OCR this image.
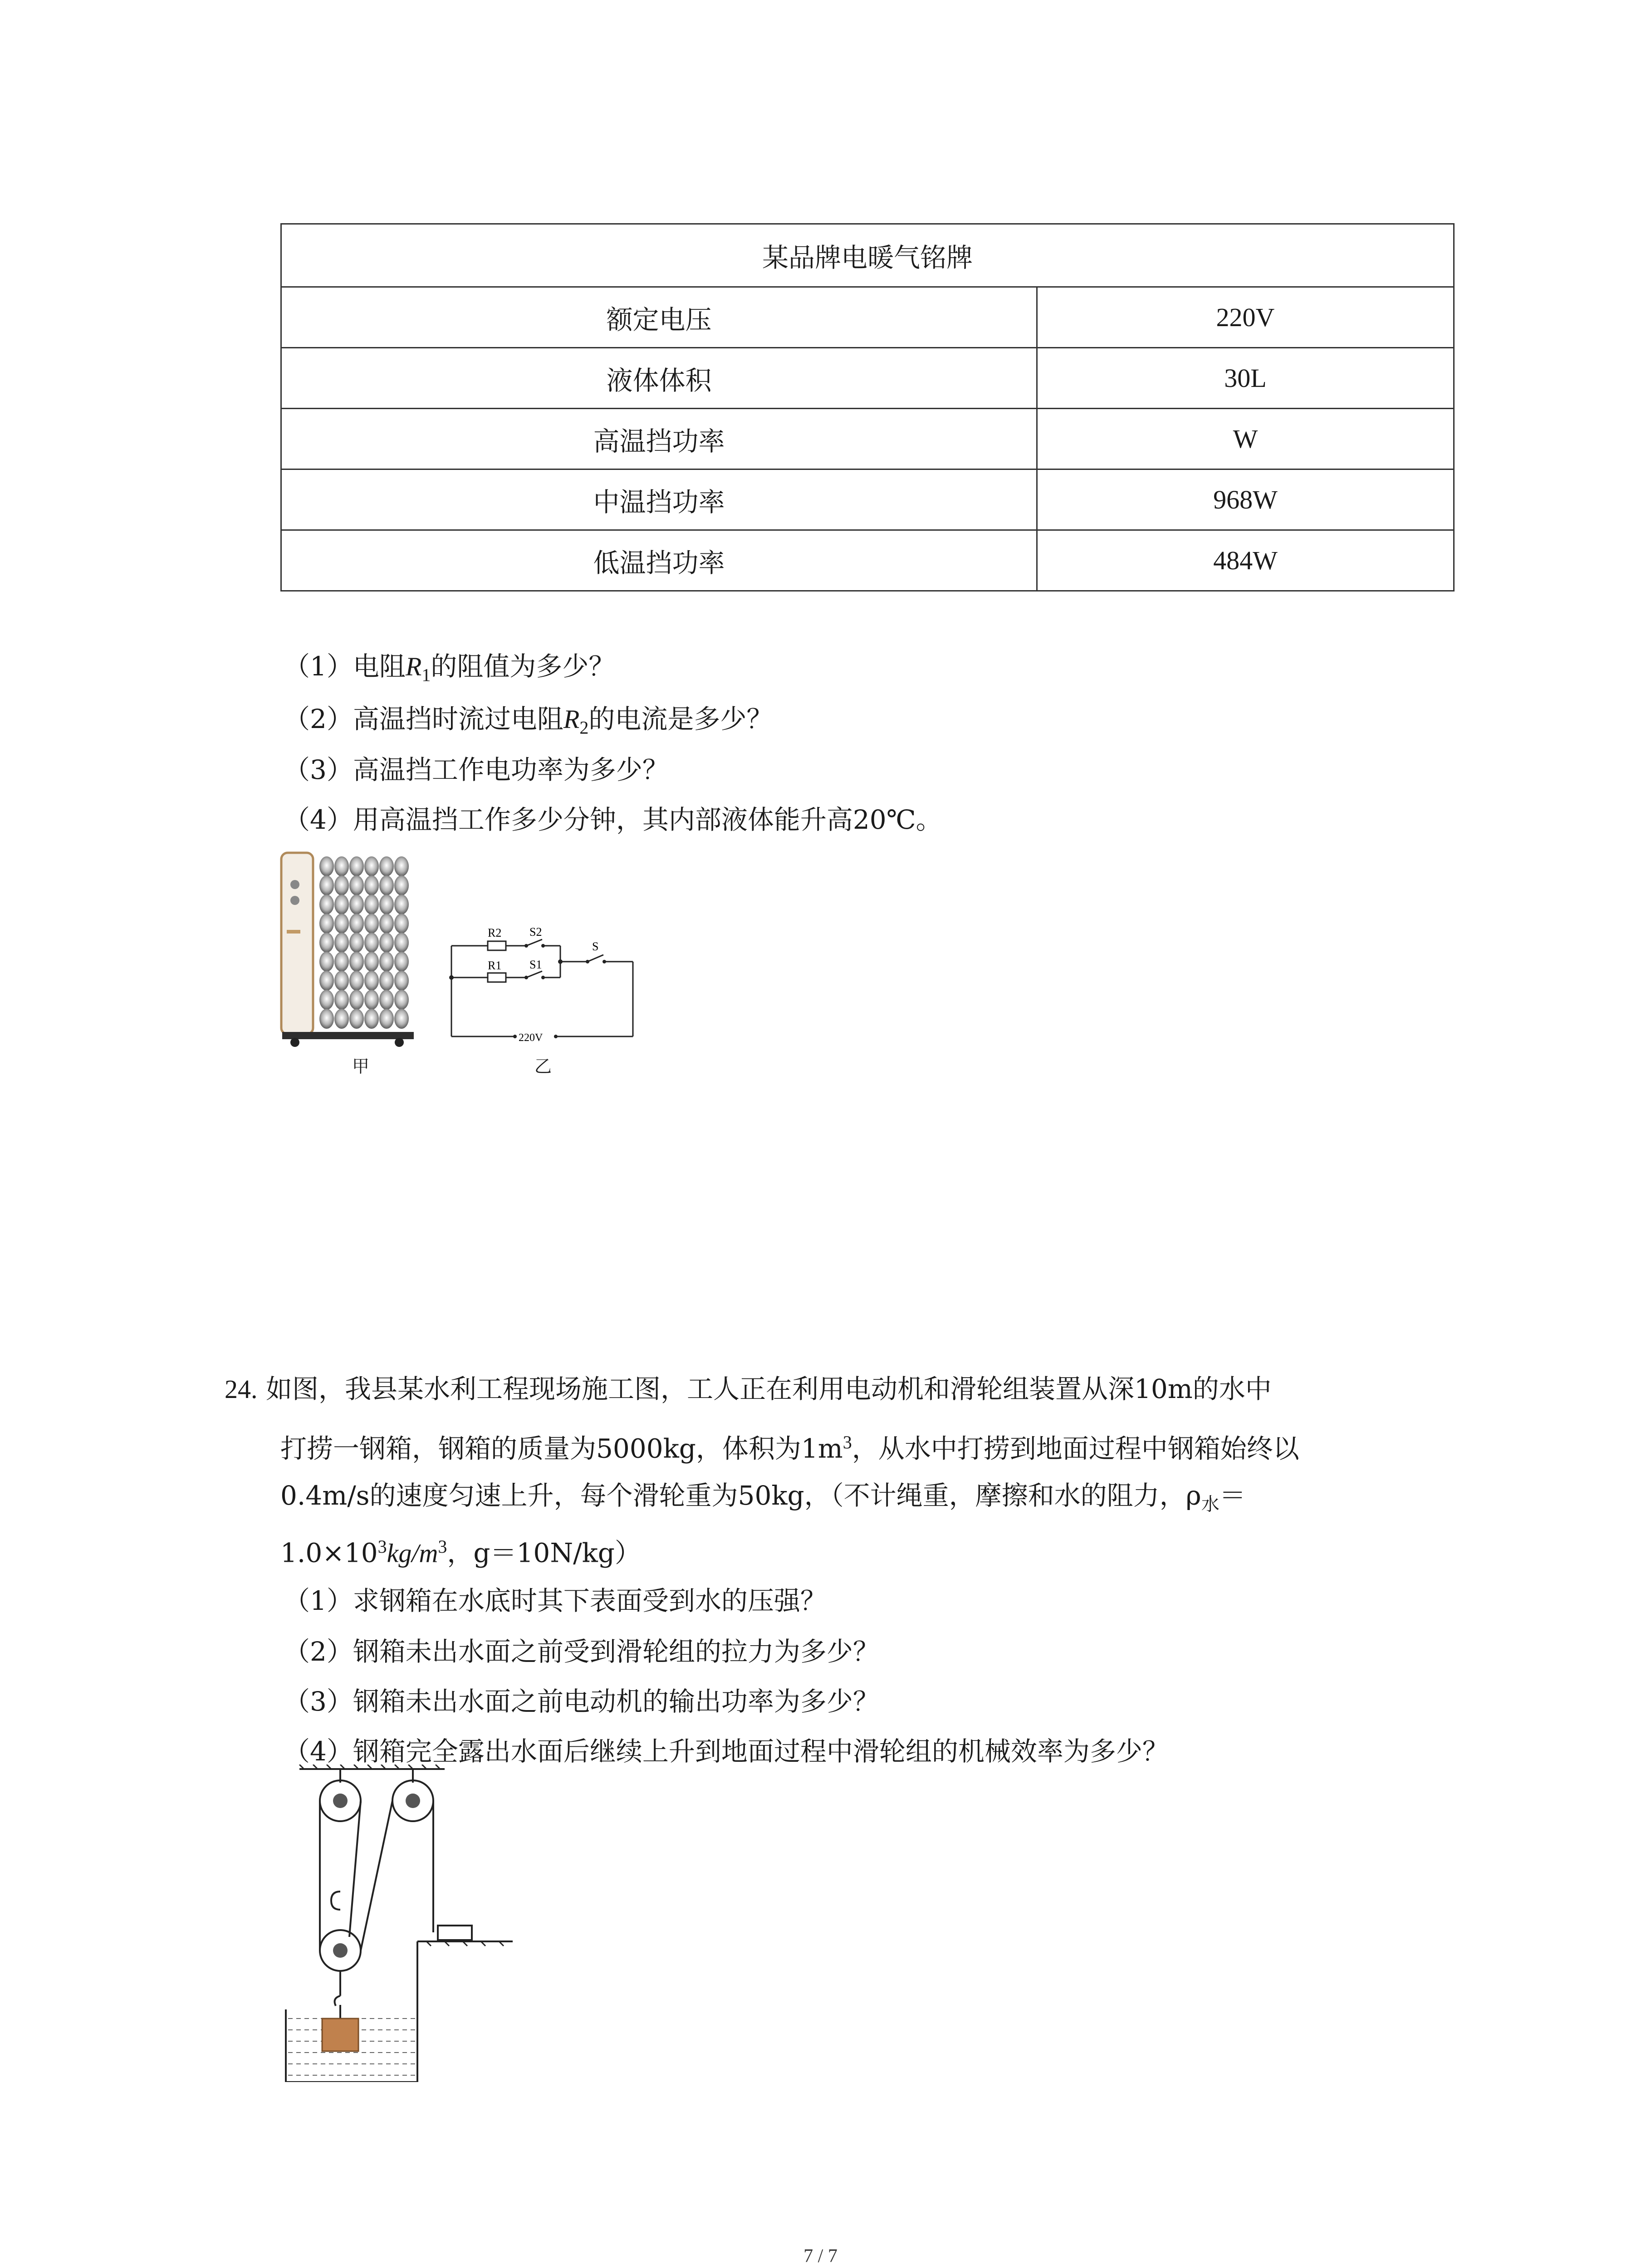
某品牌电暖气铭牌	
额定电压	220V
液体体积	30L
高温挡功率	W
中温挡功率	968W
低温挡功率	484W
（1）电阻$R_1$的阻值为多少？
（2）高温挡时流过电阻$R_2$的电流是多少？
（3）高温挡工作电功率为多少？
（4）用高温挡工作多少分钟，其内部液体能升高20℃。
甲
R2 S2
R1 S1
S
220V
乙
24. 如图，我县某水利工程现场施工图，工人正在利用电动机和滑轮组装置从深10m的水中
打捞一钢箱，钢箱的质量为5000kg，体积为$1m^3$，从水中打捞到地面过程中钢箱始终以
0.4m/s的速度匀速上升，每个滑轮重为50kg，（不计绳重，摩擦和水的阻力，$\rho_水=$
$1.0\times 10^3kg/m^3$，g＝10N/kg）
（1）求钢箱在水底时其下表面受到水的压强？
（2）钢箱未出水面之前受到滑轮组的拉力为多少？
（3）钢箱未出水面之前电动机的输出功率为多少？
（4）钢箱完全露出水面后继续上升到地面过程中滑轮组的机械效率为多少？
7 / 7
